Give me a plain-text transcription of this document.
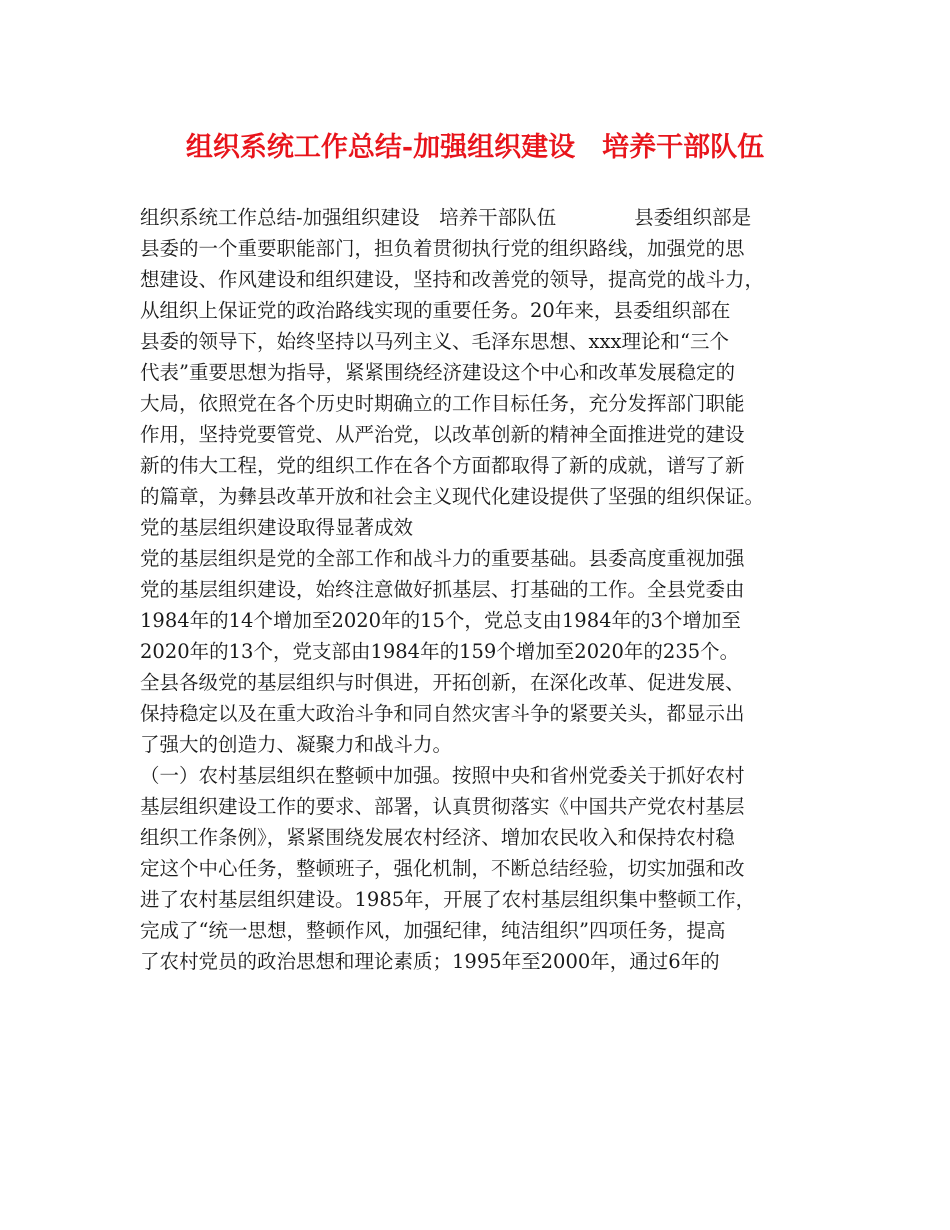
组织系统工作总结-加强组织建设　培养干部队伍
组织系统工作总结-加强组织建设　培养干部队伍　　　　县委组织部是
县委的一个重要职能部门，担负着贯彻执行党的组织路线，加强党的思
想建设、作风建设和组织建设，坚持和改善党的领导，提高党的战斗力，
从组织上保证党的政治路线实现的重要任务。20年来，县委组织部在
县委的领导下，始终坚持以马列主义、毛泽东思想、xxx理论和“三个
代表”重要思想为指导，紧紧围绕经济建设这个中心和改革发展稳定的
大局，依照党在各个历史时期确立的工作目标任务，充分发挥部门职能
作用，坚持党要管党、从严治党，以改革创新的精神全面推进党的建设
新的伟大工程，党的组织工作在各个方面都取得了新的成就，谱写了新
的篇章，为彝县改革开放和社会主义现代化建设提供了坚强的组织保证。
党的基层组织建设取得显著成效
党的基层组织是党的全部工作和战斗力的重要基础。县委高度重视加强
党的基层组织建设，始终注意做好抓基层、打基础的工作。全县党委由
1984年的14个增加至2020年的15个，党总支由1984年的3个增加至
2020年的13个，党支部由1984年的159个增加至2020年的235个。
全县各级党的基层组织与时俱进，开拓创新，在深化改革、促进发展、
保持稳定以及在重大政治斗争和同自然灾害斗争的紧要关头，都显示出
了强大的创造力、凝聚力和战斗力。
（一）农村基层组织在整顿中加强。按照中央和省州党委关于抓好农村
基层组织建设工作的要求、部署，认真贯彻落实《中国共产党农村基层
组织工作条例》，紧紧围绕发展农村经济、增加农民收入和保持农村稳
定这个中心任务，整顿班子，强化机制，不断总结经验，切实加强和改
进了农村基层组织建设。1985年，开展了农村基层组织集中整顿工作，
完成了“统一思想，整顿作风，加强纪律，纯洁组织”四项任务，提高
了农村党员的政治思想和理论素质；1995年至2000年，通过6年的
